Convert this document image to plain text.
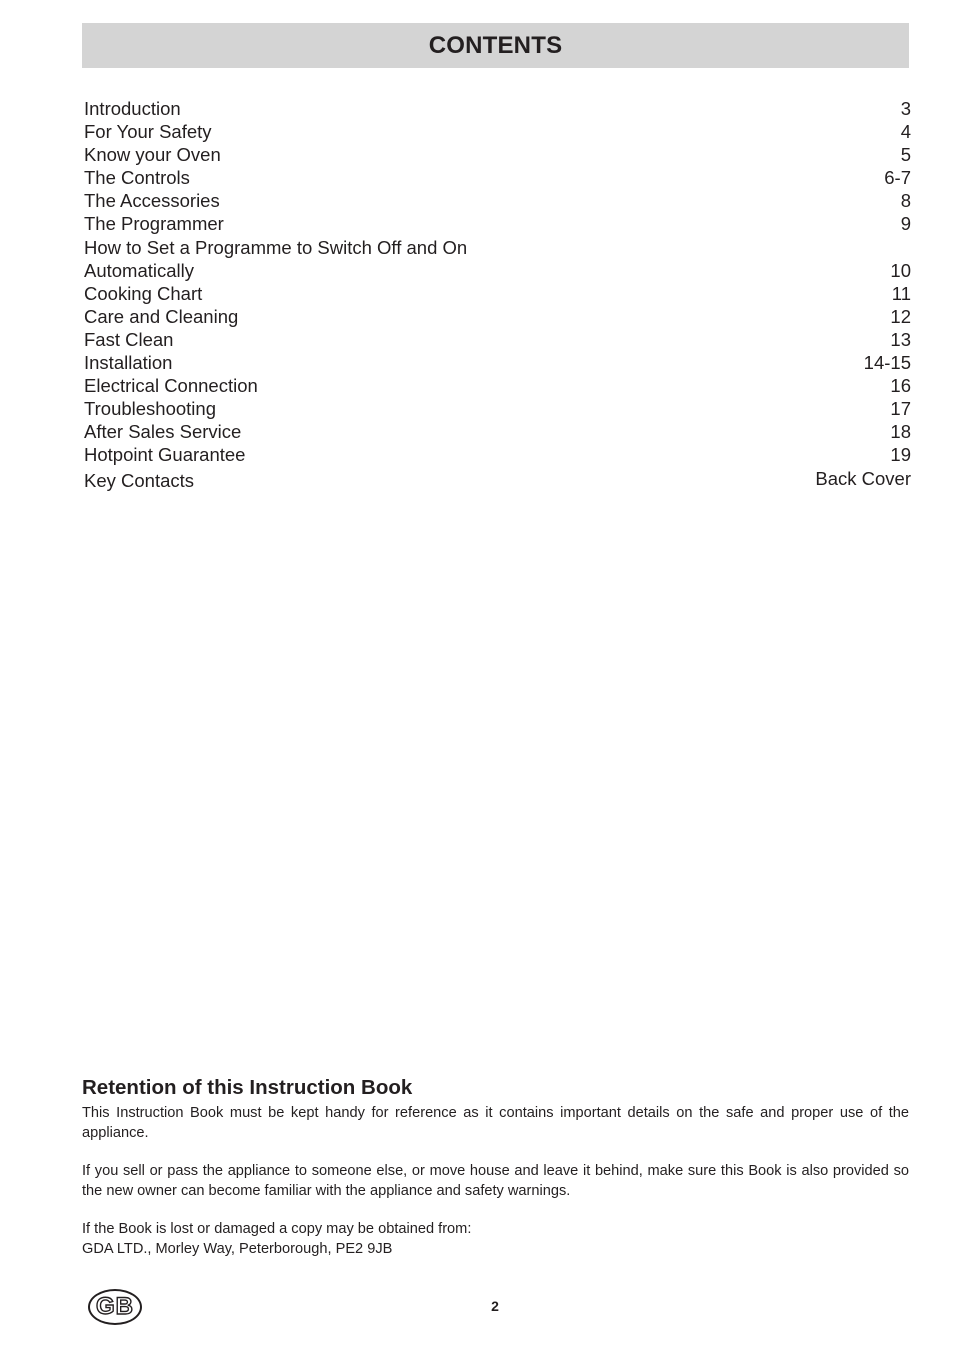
CONTENTS
Introduction	3
For Your Safety	4
Know your Oven	5
The Controls	6-7
The Accessories	8
The Programmer	9
How to Set a Programme to Switch Off and On
Automatically	10
Cooking Chart	11
Care and Cleaning	12
Fast Clean	13
Installation	14-15
Electrical Connection	16
Troubleshooting	17
After Sales Service	18
Hotpoint Guarantee	19
Key Contacts	Back Cover
Retention of this Instruction Book

This Instruction Book must be kept handy for reference as it contains important details on the safe and proper use of the appliance.

If you sell or pass the appliance to someone else, or move house and leave it behind, make sure this Book is also provided so the new owner can become familiar with the appliance and safety warnings.

If the Book is lost or damaged a copy may be obtained from:
GDA LTD., Morley Way, Peterborough, PE2 9JB

GB	2
